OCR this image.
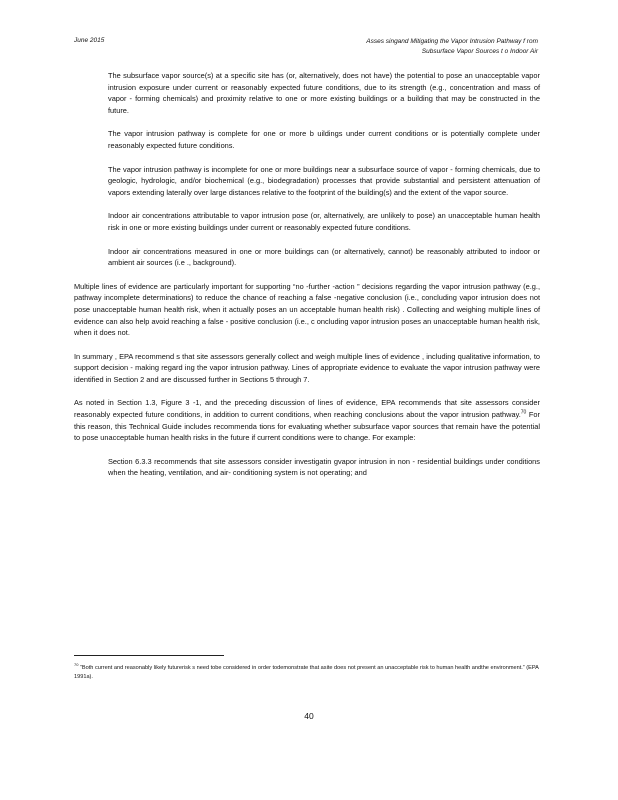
June 2015	Asses singand Mitigating the Vapor Intrusion Pathway f rom
Subsurface Vapor Sources t o Indoor Air
The subsurface vapor source(s) at a specific site has (or, alternatively, does not have) the potential to pose an unacceptable vapor intrusion exposure under current or reasonably expected future conditions, due to its strength (e.g., concentration and mass of vapor - forming chemicals) and proximity relative to one or more existing buildings or a building that may be constructed in the future.
The vapor intrusion pathway is complete for one or more b uildings under current conditions or is potentially complete under reasonably expected future conditions.
The vapor intrusion pathway is incomplete for one or more buildings near a subsurface source of vapor - forming chemicals, due to geologic, hydrologic, and/or biochemical (e.g., biodegradation) processes that provide substantial and persistent attenuation of vapors extending laterally over large distances relative to the footprint of the building(s) and the extent of the vapor source.
Indoor air concentrations attributable to vapor intrusion pose (or, alternatively, are unlikely to pose) an unacceptable human health risk in one or more existing buildings under current or reasonably expected future conditions.
Indoor air concentrations measured in one or more buildings can (or alternatively, cannot) be reasonably attributed to indoor or ambient air sources (i.e ., background).

Multiple lines of evidence are particularly important for supporting “no -further -action ” decisions regarding the vapor intrusion pathway (e.g., pathway incomplete determinations) to reduce the chance of reaching a false -negative conclusion (i.e., concluding vapor intrusion does not pose unacceptable human health risk, when it actually poses an un acceptable human health risk) . Collecting and weighing multiple lines of evidence can also help avoid reaching a false - positive conclusion (i.e., c oncluding vapor intrusion poses an unacceptable human health risk, when it does not.

In summary , EPA recommend s that site assessors generally collect and weigh multiple lines of evidence , including qualitative information, to support decision - making regard ing the vapor intrusion pathway. Lines of appropriate evidence to evaluate the vapor intrusion pathway were identified in Section 2 and are discussed further in Sections 5 through 7.

As noted in Section 1.3, Figure 3 -1, and the preceding discussion of lines of evidence, EPA recommends that site assessors consider reasonably expected future conditions, in addition to current conditions, when reaching conclusions about the vapor intrusion pathway.$^{70}$ For this reason, this Technical Guide includes recommenda tions for evaluating whether subsurface vapor sources that remain have the potential to pose unacceptable human health risks in the future if current conditions were to change. For example:

Section 6.3.3 recommends that site assessors consider investigatin gvapor intrusion in non - residential buildings under conditions when the heating, ventilation, and air- conditioning system is not operating; and
$^{70}$ “Both current and reasonably likely futurerisk s need tobe considered in order todemonstrate that asite does not present an unacceptable risk to human health andthe environment.” (EPA 1991a).
40
